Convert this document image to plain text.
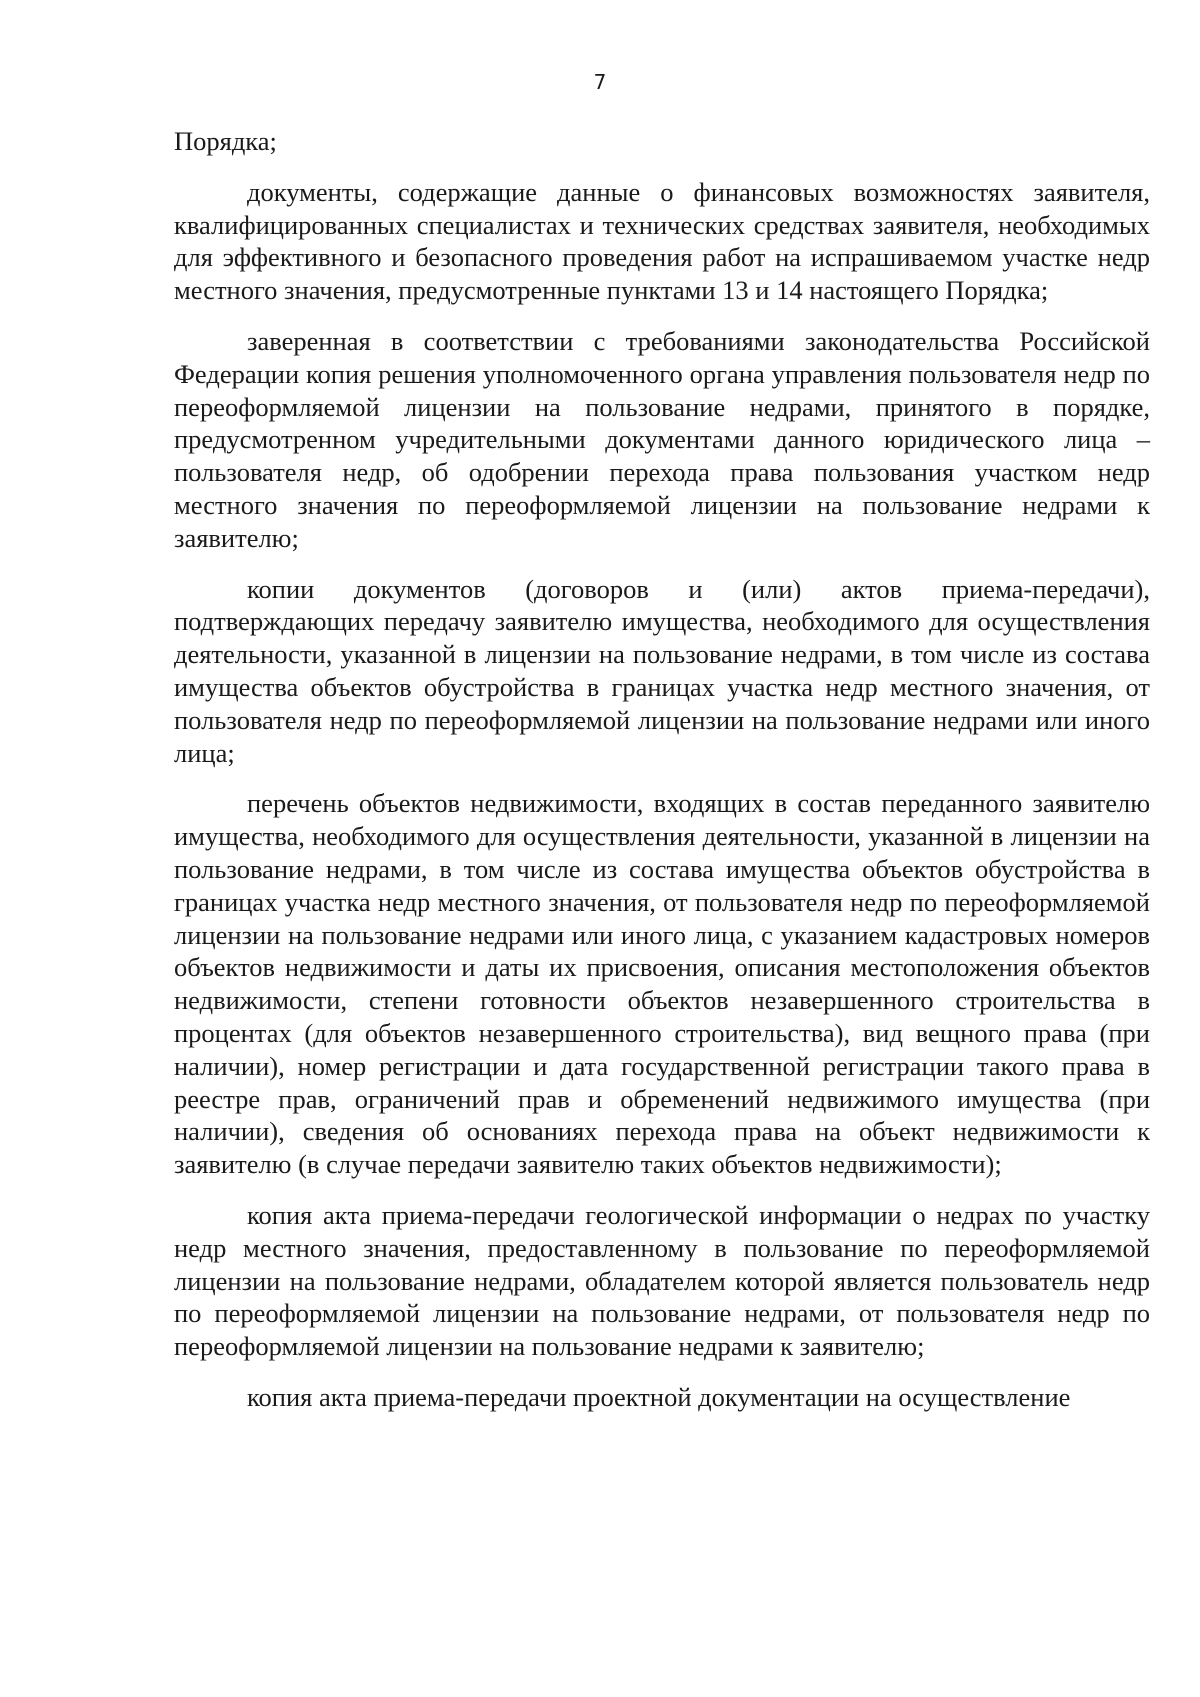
7

Порядка;

документы, содержащие данные о финансовых возможностях заявителя, квалифицированных специалистах и технических средствах заявителя, необходимых для эффективного и безопасного проведения работ на испрашиваемом участке недр местного значения, предусмотренные пунктами 13 и 14 настоящего Порядка;

заверенная в соответствии с требованиями законодательства Российской Федерации копия решения уполномоченного органа управления пользователя недр по переоформляемой лицензии на пользование недрами, принятого в порядке, предусмотренном учредительными документами данного юридического лица – пользователя недр, об одобрении перехода права пользования участком недр местного значения по переоформляемой лицензии на пользование недрами к заявителю;

копии документов (договоров и (или) актов приема-передачи), подтверждающих передачу заявителю имущества, необходимого для осуществления деятельности, указанной в лицензии на пользование недрами, в том числе из состава имущества объектов обустройства в границах участка недр местного значения, от пользователя недр по переоформляемой лицензии на пользование недрами или иного лица;

перечень объектов недвижимости, входящих в состав переданного заявителю имущества, необходимого для осуществления деятельности, указанной в лицензии на пользование недрами, в том числе из состава имущества объектов обустройства в границах участка недр местного значения, от пользователя недр по переоформляемой лицензии на пользование недрами или иного лица, с указанием кадастровых номеров объектов недвижимости и даты их присвоения, описания местоположения объектов недвижимости, степени готовности объектов незавершенного строительства в процентах (для объектов незавершенного строительства), вид вещного права (при наличии), номер регистрации и дата государственной регистрации такого права в реестре прав, ограничений прав и обременений недвижимого имущества (при наличии), сведения об основаниях перехода права на объект недвижимости к заявителю (в случае передачи заявителю таких объектов недвижимости);

копия акта приема-передачи геологической информации о недрах по участку недр местного значения, предоставленному в пользование по переоформляемой лицензии на пользование недрами, обладателем которой является пользователь недр по переоформляемой лицензии на пользование недрами, от пользователя недр по переоформляемой лицензии на пользование недрами к заявителю;

копия акта приема-передачи проектной документации на осуществление
